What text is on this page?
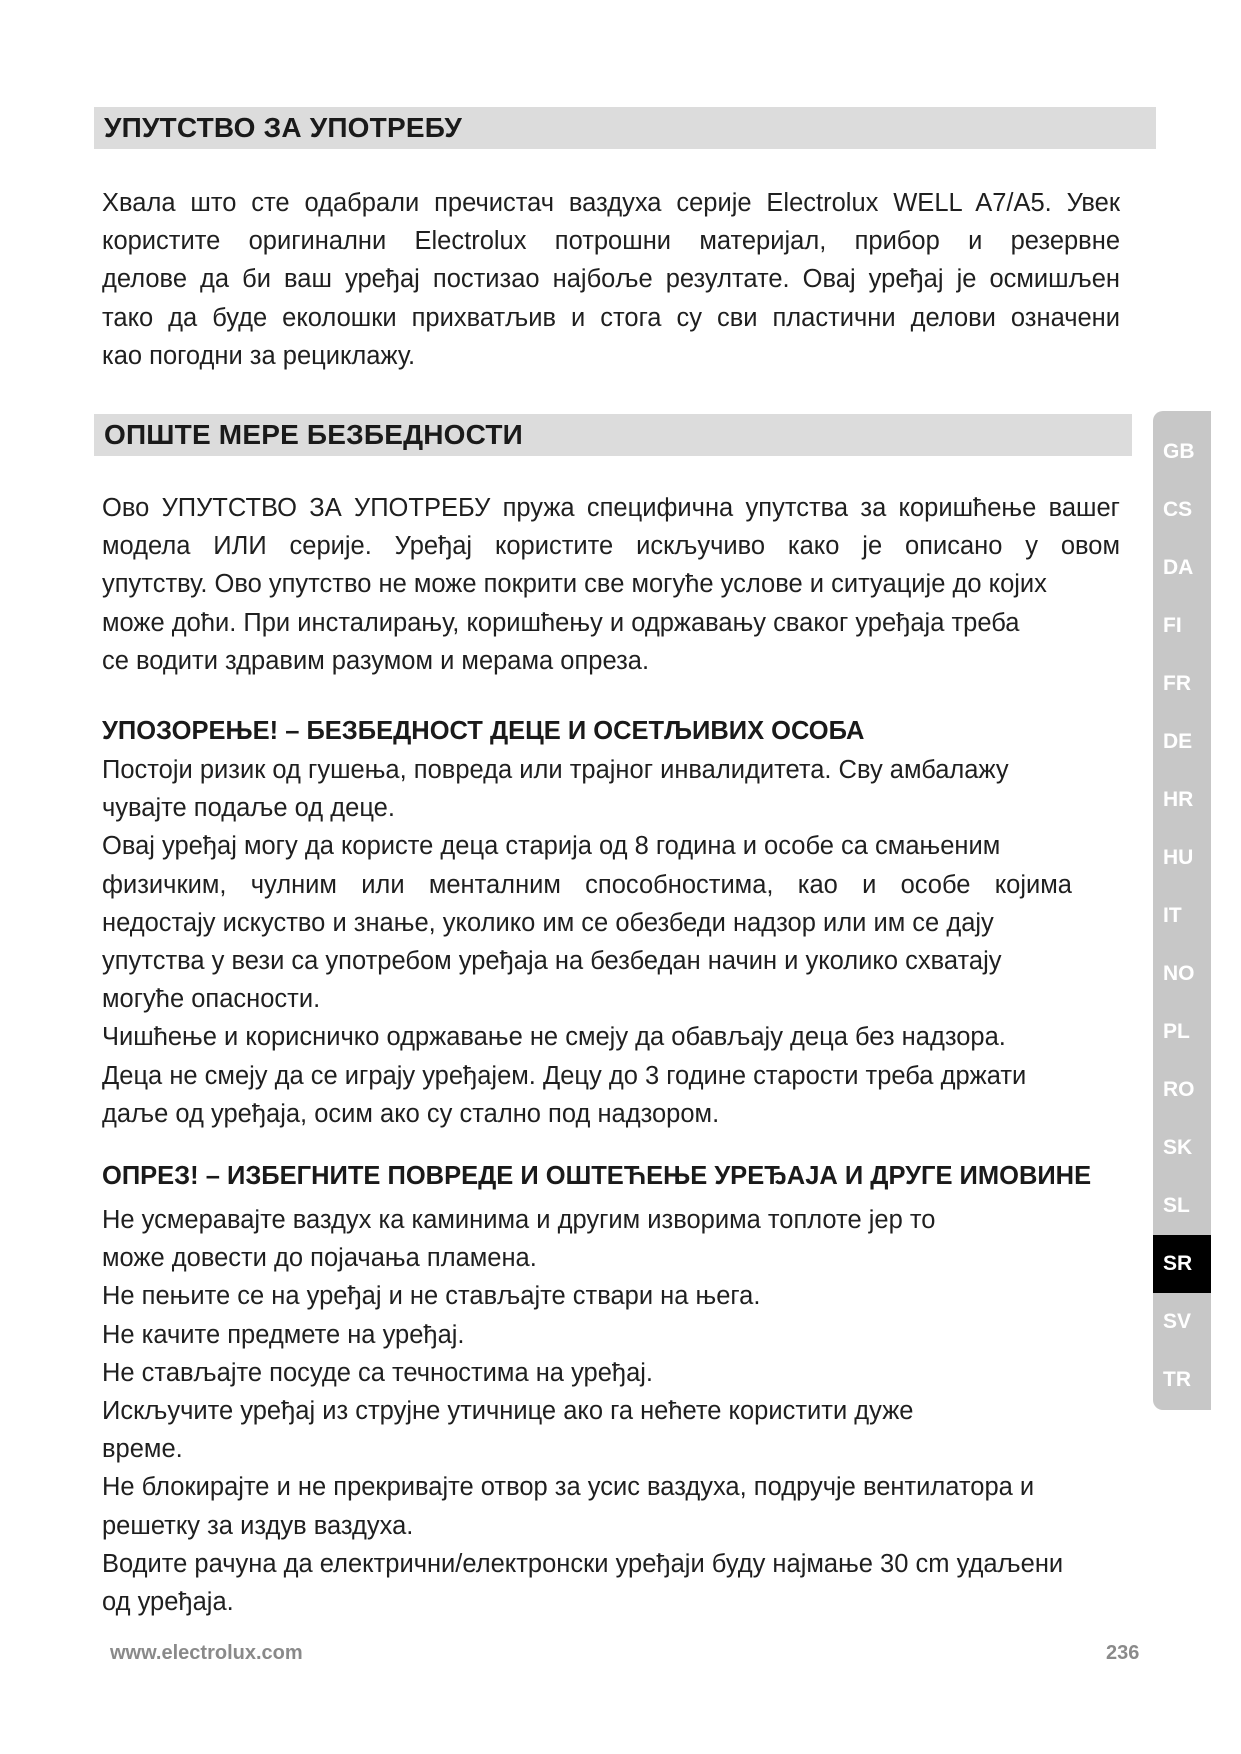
УПУТСТВО ЗА УПОТРЕБУ
Хвала што сте одабрали пречистач ваздуха серије Electrolux WELL A7/A5. Увек
користите оригинални Electrolux потрошни материјал, прибор и резервне
делове да би ваш уређај постизао најбоље резултате. Овај уређај је осмишљен
тако да буде еколошки прихватљив и стога су сви пластични делови означени
као погодни за рециклажу.
ОПШТЕ МЕРЕ БЕЗБЕДНОСТИ
Ово УПУТСТВО ЗА УПОТРЕБУ пружа специфична упутства за коришћење вашег
модела ИЛИ серије. Уређај користите искључиво како је описано у овом
упутству. Ово упутство не може покрити све могуће услове и ситуације до којих
може доћи. При инсталирању, коришћењу и одржавању сваког уређаја треба
се водити здравим разумом и мерама опреза.
УПОЗОРЕЊЕ! – БЕЗБЕДНОСТ ДЕЦЕ И ОСЕТЉИВИХ ОСОБА
Постоји ризик од гушења, повреда или трајног инвалидитета. Сву амбалажу
чувајте подаље од деце.
Овај уређај могу да користе деца старија од 8 година и особе са смањеним
физичким, чулним или менталним способностима, као и особе којима
недостају искуство и знање, уколико им се обезбеди надзор или им се дају
упутства у вези са употребом уређаја на безбедан начин и уколико схватају
могуће опасности.
Чишћење и корисничко одржавање не смеју да обављају деца без надзора.
Деца не смеју да се играју уређајем. Децу до 3 године старости треба држати
даље од уређаја, осим ако су стално под надзором.
ОПРЕЗ! – ИЗБЕГНИТЕ ПОВРЕДЕ И ОШТЕЋЕЊЕ УРЕЂАЈА И ДРУГЕ ИМОВИНЕ
Не усмеравајте ваздух ка каминима и другим изворима топлоте јер то
може довести до појачања пламена.
Не пењите се на уређај и не стављајте ствари на њега.
Не качите предмете на уређај.
Не стављајте посуде са течностима на уређај.
Искључите уређај из струјне утичнице ако га нећете користити дуже
време.
Не блокирајте и не прекривајте отвор за усис ваздуха, подручје вентилатора и
решетку за издув ваздуха.
Водите рачуна да електрични/електронски уређаји буду најмање 30 cm удаљени
од уређаја.
GB
CS
DA
FI
FR
DE
HR
HU
IT
NO
PL
RO
SK
SL
SR
SV
TR
www.electrolux.com	236
